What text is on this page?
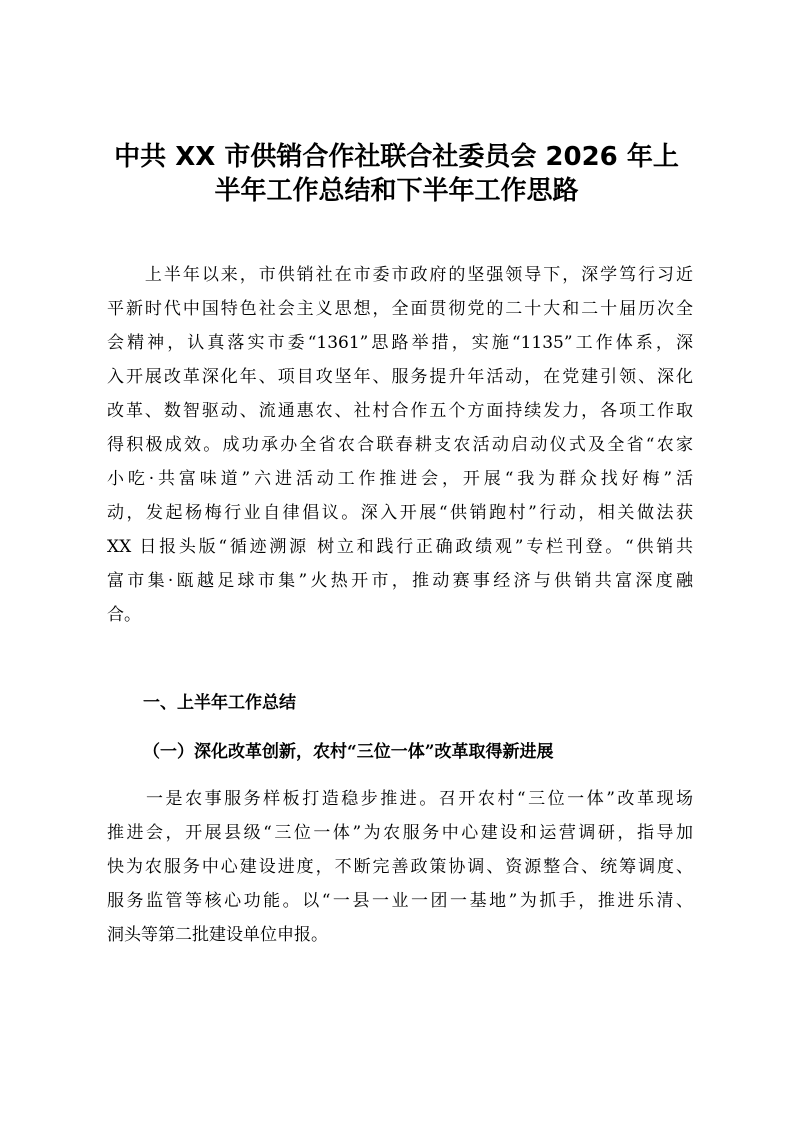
中共 XX 市供销合作社联合社委员会 2026 年上
半年工作总结和下半年工作思路

　　上半年以来，市供销社在市委市政府的坚强领导下，深学笃行习近
平新时代中国特色社会主义思想，全面贯彻党的二十大和二十届历次全
会精神，认真落实市委“1361”思路举措，实施“1135”工作体系，深
入开展改革深化年、项目攻坚年、服务提升年活动，在党建引领、深化
改革、数智驱动、流通惠农、社村合作五个方面持续发力，各项工作取
得积极成效。成功承办全省农合联春耕支农活动启动仪式及全省“农家
小吃·共富味道”六进活动工作推进会，开展“我为群众找好梅”活
动，发起杨梅行业自律倡议。深入开展“供销跑村”行动，相关做法获
XX 日报头版“循迹溯源 树立和践行正确政绩观”专栏刊登。“供销共
富市集·瓯越足球市集”火热开市，推动赛事经济与供销共富深度融
合。

一、上半年工作总结
（一）深化改革创新，农村“三位一体”改革取得新进展

　　一是农事服务样板打造稳步推进。召开农村“三位一体”改革现场
推进会，开展县级“三位一体”为农服务中心建设和运营调研，指导加
快为农服务中心建设进度，不断完善政策协调、资源整合、统筹调度、
服务监管等核心功能。以“一县一业一团一基地”为抓手，推进乐清、
洞头等第二批建设单位申报。
